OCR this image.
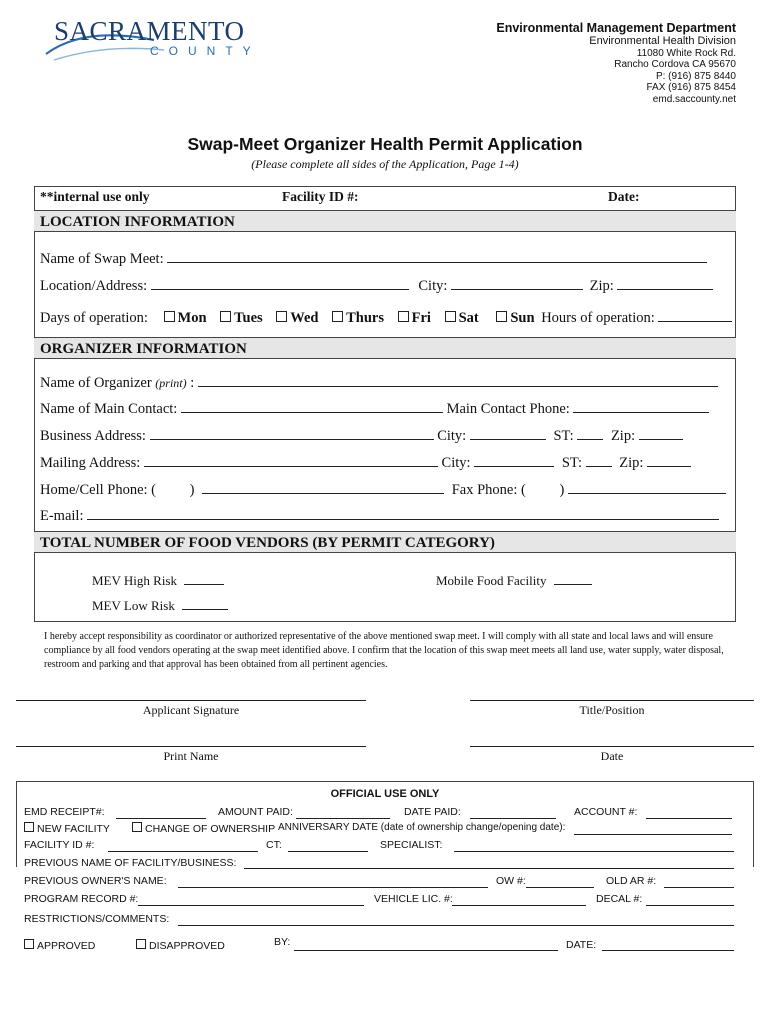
SACRAMENTO
COUNTY
Environmental Management Department
Environmental Health Division
11080 White Rock Rd.
Rancho Cordova CA 95670
P: (916) 875 8440
FAX (916) 875 8454
emd.saccounty.net
Swap-Meet Organizer Health Permit Application
(Please complete all sides of the Application, Page 1-4)
**internal use only	Facility ID #:	Date:
LOCATION INFORMATION
Name of Swap Meet:
Location/Address:	City:	Zip:
Days of operation: Mon Tues Wed Thurs Fri Sat Sun Hours of operation:
ORGANIZER INFORMATION
Name of Organizer (print) :
Name of Main Contact:	Main Contact Phone:
Business Address:	City:	ST:	Zip:
Mailing Address:	City:	ST:	Zip:
Home/Cell Phone: ( )	Fax Phone: ( )
E-mail:
TOTAL NUMBER OF FOOD VENDORS (BY PERMIT CATEGORY)
MEV High Risk
MEV Low Risk
Mobile Food Facility
I hereby accept responsibility as coordinator or authorized representative of the above mentioned swap meet. I will comply with all state and local laws and will ensure compliance by all food vendors operating at the swap meet identified above. I confirm that the location of this swap meet meets all land use, water supply, water disposal, restroom and parking and that approval has been obtained from all pertinent agencies.
Applicant Signature	Title/Position
Print Name	Date
OFFICIAL USE ONLY
EMD RECEIPT#:	AMOUNT PAID:	DATE PAID:	ACCOUNT #:
NEW FACILITY	CHANGE OF OWNERSHIP ANNIVERSARY DATE (date of ownership change/opening date):
FACILITY ID #:	CT:	SPECIALIST:
PREVIOUS NAME OF FACILITY/BUSINESS:
PREVIOUS OWNER'S NAME:	OW #:	OLD AR #:
PROGRAM RECORD #:	VEHICLE LIC. #:	DECAL #:
RESTRICTIONS/COMMENTS:
APPROVED	DISAPPROVED	BY:	DATE:
